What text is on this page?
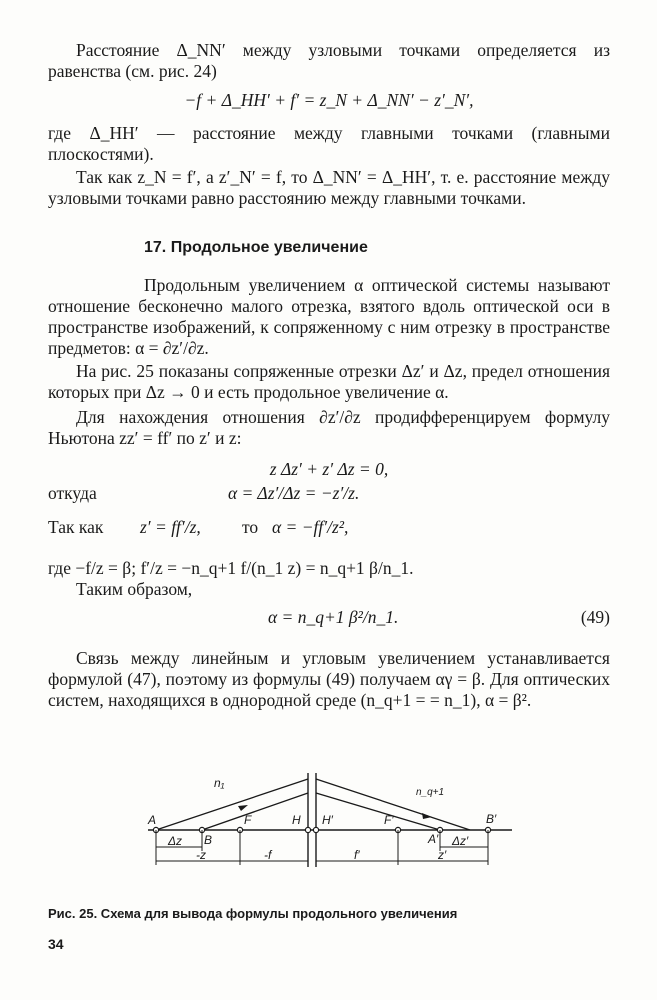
Расстояние Δ_NN′ между узловыми точками определяется из равенства (см. рис. 24)

−f + Δ_HH′ + f′ = z_N + Δ_NN′ − z′_N′,

где Δ_HH′ — расстояние между главными точками (главными плоскостями).

Так как z_N = f′, а z′_N′ = f, то Δ_NN′ = Δ_HH′, т. е. расстояние между узловыми точками равно расстоянию между главными точками.

17. Продольное увеличение

Продольным увеличением α оптической системы называют отношение бесконечно малого отрезка, взятого вдоль оптической оси в пространстве изображений, к сопряженному с ним отрезку в пространстве предметов: α = ∂z′/∂z.

На рис. 25 показаны сопряженные отрезки Δz′ и Δz, предел отношения которых при Δz → 0 и есть продольное увеличение α.

Для нахождения отношения ∂z′/∂z продифференцируем формулу Ньютона zz′ = ff′ по z′ и z:

z Δz′ + z′ Δz = 0,
откуда	α = Δz′/Δz = −z′/z.
Так как z′ = ff′/z, то α = −ff′/z²,

где −f/z = β; f′/z = −n_q+1 f/(n_1 z) = n_q+1 β/n_1.

Таким образом,

α = n_q+1 β²/n_1.	(49)

Связь между линейным и угловым увеличением устанавливается формулой (47), поэтому из формулы (49) получаем αγ = β. Для оптических систем, находящихся в однородной среде (n_q+1 = = n_1), α = β².

n₁
n_q+1
A
B
F	H H′	F′
A′
B′
Δz
-z	-f	f′
Δz′
z′
Рис. 25. Схема для вывода формулы продольного увеличения
34
